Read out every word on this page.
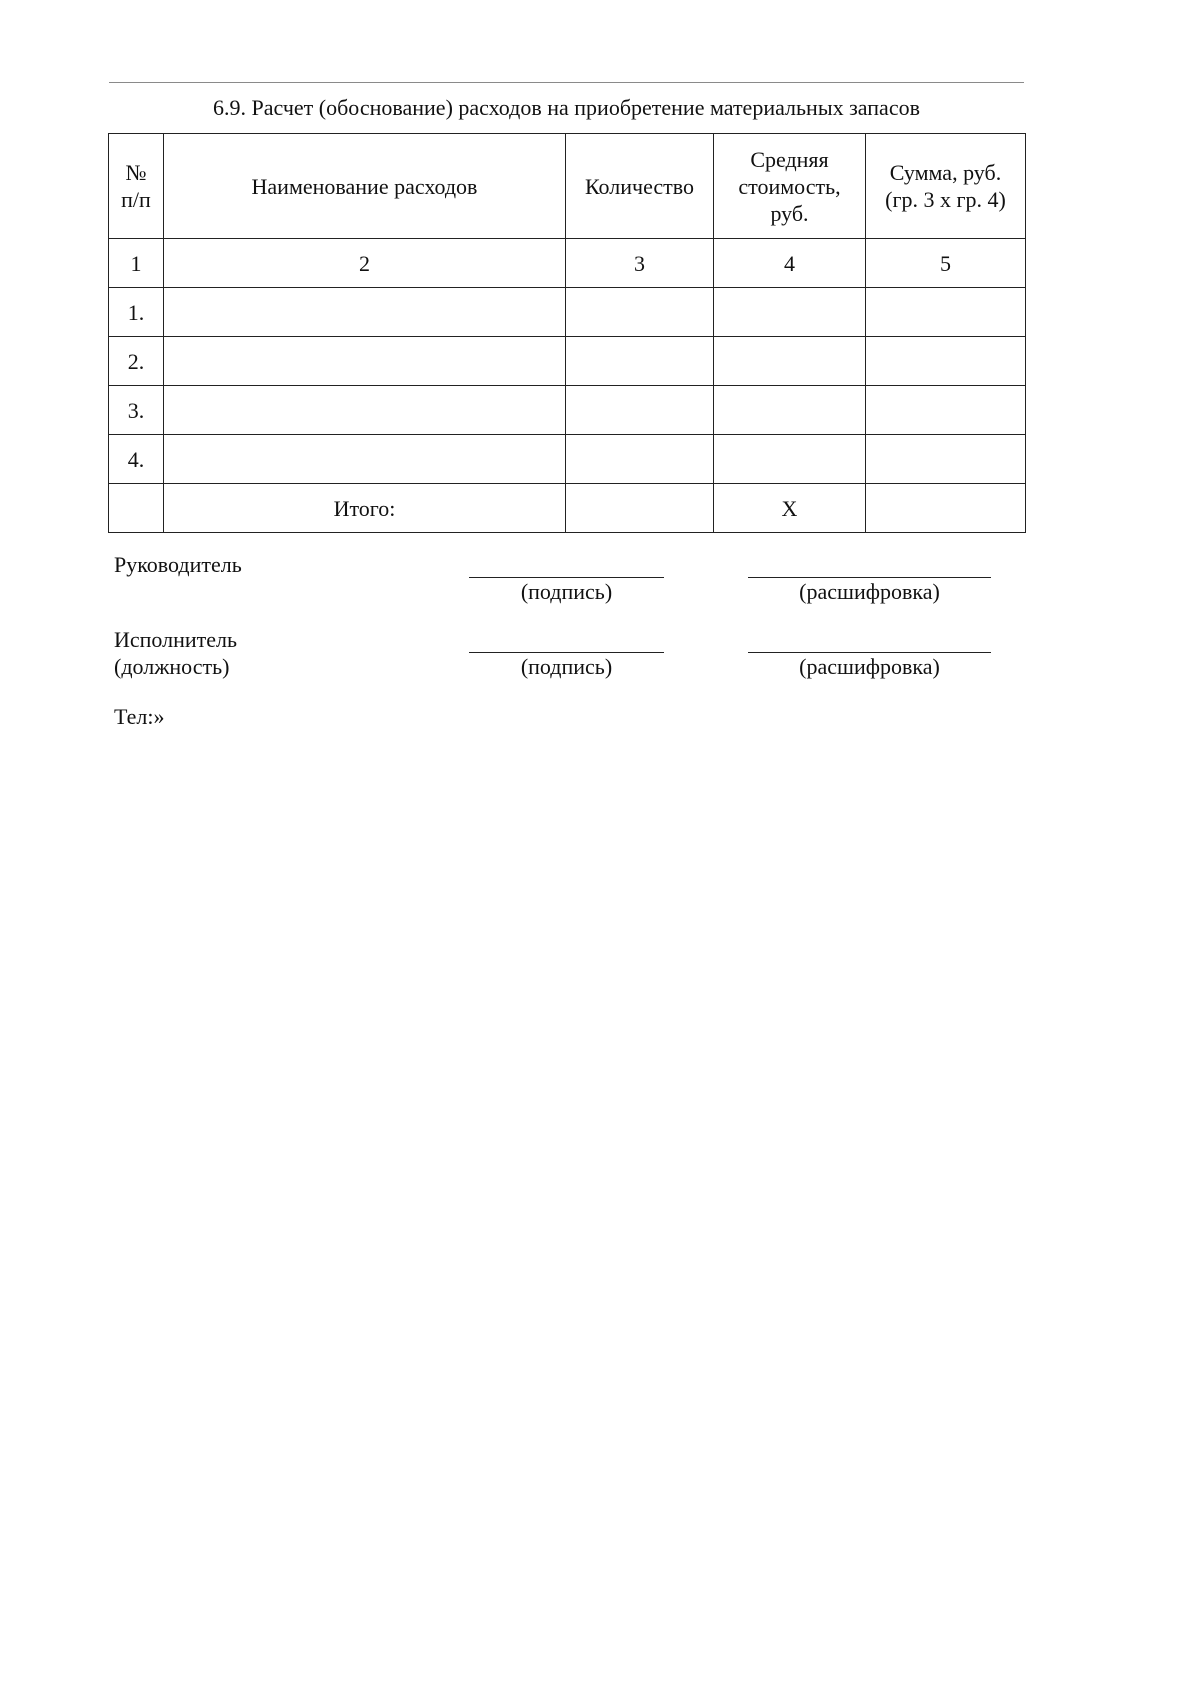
6.9. Расчет (обоснование) расходов на приобретение материальных запасов
№
п/п	Наименование расходов	Количество	Средняя стоимость, руб.	Сумма, руб. (гр. 3 х гр. 4)
1	2	3	4	5
1.				
2.				
3.				
4.				
	Итого:		X	
Руководитель
(подпись)	(расшифровка)
Исполнитель
(должность)	(подпись)	(расшифровка)
Тел:»
